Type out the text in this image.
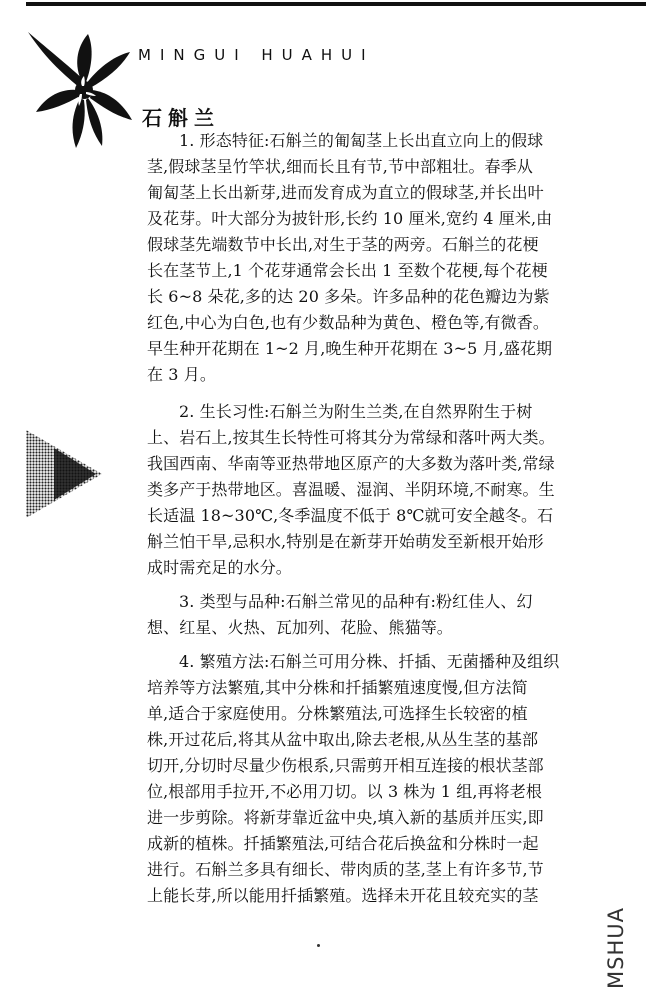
MINGUI HUAHUI
石斛兰
1. 形态特征:石斛兰的匍匐茎上长出直立向上的假球
茎,假球茎呈竹竿状,细而长且有节,节中部粗壮。春季从
匍匐茎上长出新芽,进而发育成为直立的假球茎,并长出叶
及花芽。叶大部分为披针形,长约 10 厘米,宽约 4 厘米,由
假球茎先端数节中长出,对生于茎的两旁。石斛兰的花梗
长在茎节上,1 个花芽通常会长出 1 至数个花梗,每个花梗
长 6~8 朵花,多的达 20 多朵。许多品种的花色瓣边为紫
红色,中心为白色,也有少数品种为黄色、橙色等,有微香。
早生种开花期在 1~2 月,晚生种开花期在 3~5 月,盛花期
在 3 月。
2. 生长习性:石斛兰为附生兰类,在自然界附生于树
上、岩石上,按其生长特性可将其分为常绿和落叶两大类。
我国西南、华南等亚热带地区原产的大多数为落叶类,常绿
类多产于热带地区。喜温暖、湿润、半阴环境,不耐寒。生
长适温 18~30℃,冬季温度不低于 8℃就可安全越冬。石
斛兰怕干旱,忌积水,特别是在新芽开始萌发至新根开始形
成时需充足的水分。
3. 类型与品种:石斛兰常见的品种有:粉红佳人、幻
想、红星、火热、瓦加列、花脸、熊猫等。
4. 繁殖方法:石斛兰可用分株、扦插、无菌播种及组织
培养等方法繁殖,其中分株和扦插繁殖速度慢,但方法简
单,适合于家庭使用。分株繁殖法,可选择生长较密的植
株,开过花后,将其从盆中取出,除去老根,从丛生茎的基部
切开,分切时尽量少伤根系,只需剪开相互连接的根状茎部
位,根部用手拉开,不必用刀切。以 3 株为 1 组,再将老根
进一步剪除。将新芽靠近盆中央,填入新的基质并压实,即
成新的植株。扦插繁殖法,可结合花后换盆和分株时一起
进行。石斛兰多具有细长、带肉质的茎,茎上有许多节,节
上能长芽,所以能用扦插繁殖。选择未开花且较充实的茎
MSHUA
